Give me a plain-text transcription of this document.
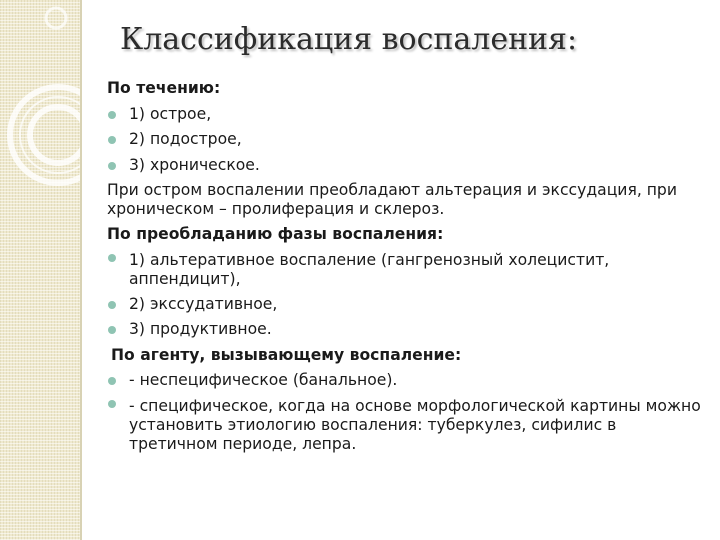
Классификация воспаления:

По течению:

1) острое,
2) подострое,
3) хроническое.

При остром воспалении преобладают альтерация и экссудация, при хроническом – пролиферация и склероз.

По преобладанию фазы воспаления:

1) альтеративное воспаление (гангренозный холецистит, аппендицит),
2) экссудативное,
3) продуктивное.

По агенту, вызывающему воспаление:

- неспецифическое (банальное).
- специфическое, когда на основе морфологической картины можно установить этиологию воспаления: туберкулез, сифилис в третичном периоде, лепра.
